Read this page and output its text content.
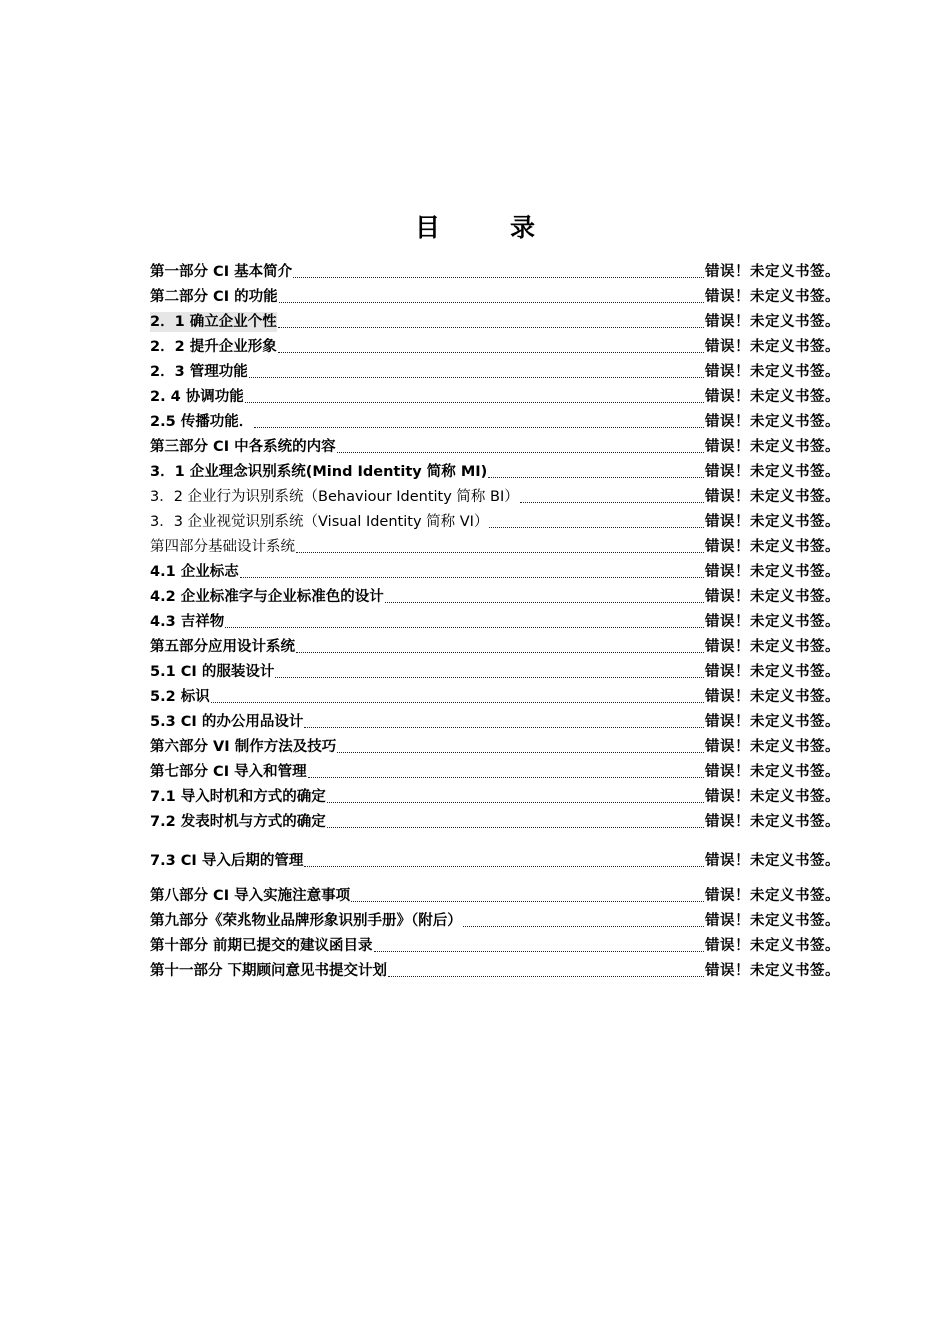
目录
第一部分 CI 基本简介	错误！未定义书签。
第二部分 CI 的功能	错误！未定义书签。
2．1 确立企业个性	错误！未定义书签。
2．2 提升企业形象	错误！未定义书签。
2．3 管理功能	错误！未定义书签。
2. 4 协调功能	错误！未定义书签。
2.5 传播功能．	错误！未定义书签。
第三部分 CI 中各系统的内容	错误！未定义书签。
3．1 企业理念识别系统(Mind Identity 简称 MI)	错误！未定义书签。
3．2 企业行为识别系统（Behaviour Identity 简称 BI）	错误！未定义书签。
3．3 企业视觉识别系统（Visual Identity 简称 VI）	错误！未定义书签。
第四部分基础设计系统	错误！未定义书签。
4.1 企业标志	错误！未定义书签。
4.2 企业标准字与企业标准色的设计	错误！未定义书签。
4.3 吉祥物	错误！未定义书签。
第五部分应用设计系统	错误！未定义书签。
5.1 CI 的服装设计	错误！未定义书签。
5.2 标识	错误！未定义书签。
5.3 CI 的办公用品设计	错误！未定义书签。
第六部分 VI 制作方法及技巧	错误！未定义书签。
第七部分 CI 导入和管理	错误！未定义书签。
7.1 导入时机和方式的确定	错误！未定义书签。
7.2 发表时机与方式的确定	错误！未定义书签。
7.3 CI 导入后期的管理	错误！未定义书签。
第八部分 CI 导入实施注意事项	错误！未定义书签。
第九部分《荣兆物业品牌形象识别手册》（附后）	错误！未定义书签。
第十部分 前期已提交的建议函目录	错误！未定义书签。
第十一部分 下期顾问意见书提交计划	错误！未定义书签。
